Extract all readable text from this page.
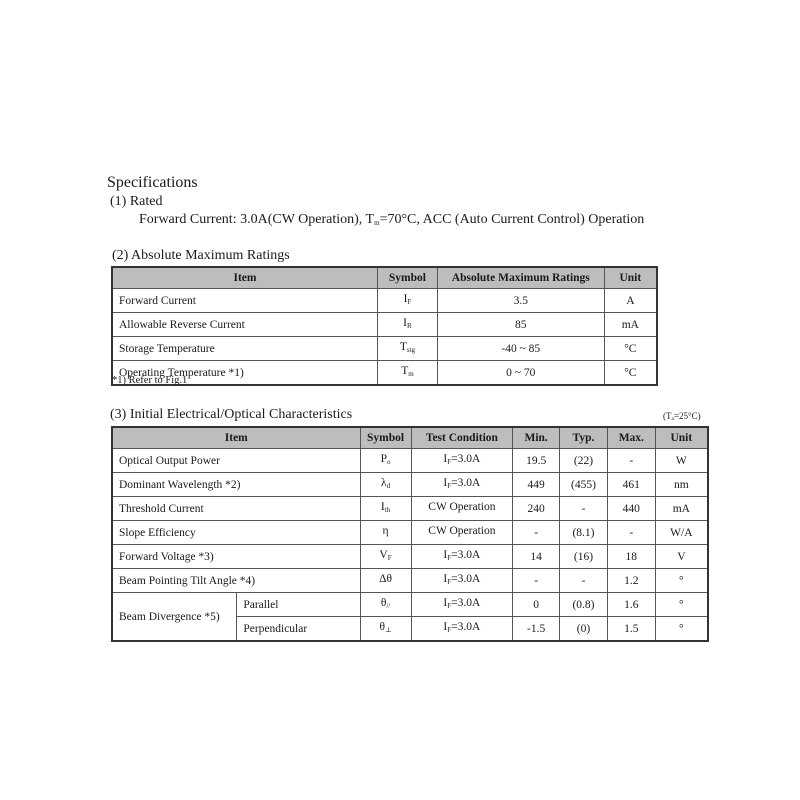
Specifications
(1) Rated
Forward Current: 3.0A(CW Operation), $T_m=70^\circ C$, ACC (Auto Current Control) Operation
(2) Absolute Maximum Ratings
Item	Symbol	Absolute Maximum Ratings	Unit
Forward Current	$I_F$	3.5	A
Allowable Reverse Current	$I_R$	85	mA
Storage Temperature	$T_{stg}$	-40 ~ 85	°C
Operating Temperature *1)	$T_m$	0 ~ 70	°C
*1) Refer to Fig.1
(3) Initial Electrical/Optical Characteristics	(Tₐ=25°C)
Item		Symbol	Test Condition	Min.	Typ.	Max.	Unit
Optical Output Power		$P_o$	$I_F=3.0A$	19.5	(22)	-	W
Dominant Wavelength *2)		$\lambda_d$	$I_F=3.0A$	449	(455)	461	nm
Threshold Current		$I_{th}$	CW Operation	240	-	440	mA
Slope Efficiency		η	CW Operation	-	(8.1)	-	W/A
Forward Voltage *3)		$V_F$	$I_F=3.0A$	14	(16)	18	V
Beam Pointing Tilt Angle *4)		Δθ	$I_F=3.0A$	-	-	1.2	°
Beam Divergence *5)	Parallel	$\theta_{//}$	$I_F=3.0A$	0	(0.8)	1.6	°
	Perpendicular	$\theta_\perp$	$I_F=3.0A$	-1.5	(0)	1.5	°
